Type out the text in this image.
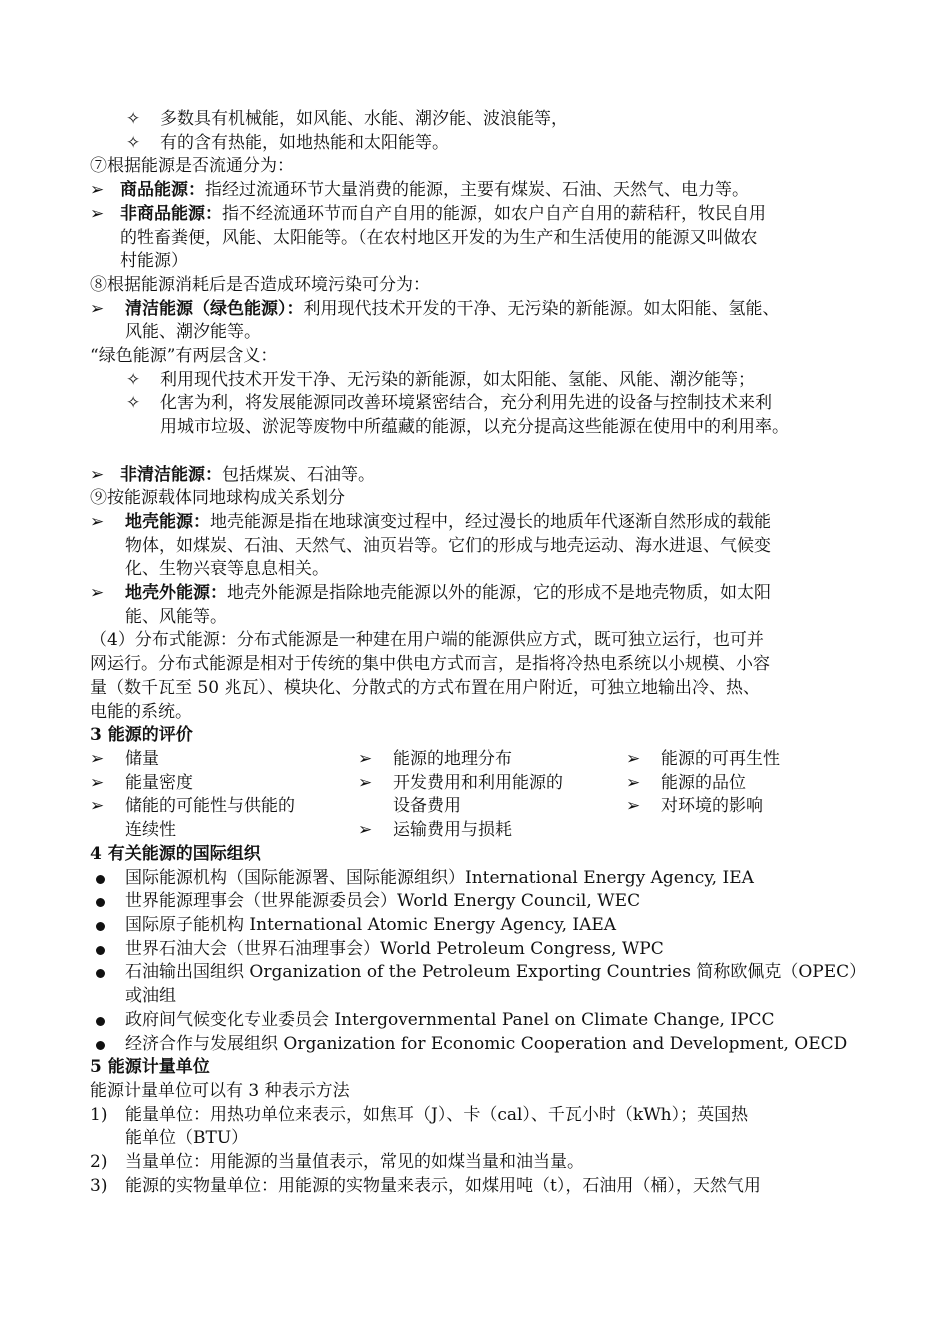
✧	多数具有机械能，如风能、水能、潮汐能、波浪能等，
✧	有的含有热能，如地热能和太阳能等。
⑦根据能源是否流通分为：
➢ 商品能源：指经过流通环节大量消费的能源，主要有煤炭、石油、天然气、电力等。
➢ 非商品能源：指不经流通环节而自产自用的能源，如农户自产自用的薪秸秆，牧民自用
的牲畜粪便，风能、太阳能等。（在农村地区开发的为生产和生活使用的能源又叫做农
村能源）
⑧根据能源消耗后是否造成环境污染可分为：
➢	清洁能源（绿色能源）：利用现代技术开发的干净、无污染的新能源。如太阳能、氢能、
风能、潮汐能等。
“绿色能源”有两层含义：
✧	利用现代技术开发干净、无污染的新能源，如太阳能、氢能、风能、潮汐能等；
✧	化害为利，将发展能源同改善环境紧密结合，充分利用先进的设备与控制技术来利
用城市垃圾、淤泥等废物中所蕴藏的能源，以充分提高这些能源在使用中的利用率。
➢ 非清洁能源：包括煤炭、石油等。
⑨按能源载体同地球构成关系划分
➢	地壳能源：地壳能源是指在地球演变过程中，经过漫长的地质年代逐渐自然形成的载能
物体，如煤炭、石油、天然气、油页岩等。它们的形成与地壳运动、海水进退、气候变
化、生物兴衰等息息相关。
➢	地壳外能源：地壳外能源是指除地壳能源以外的能源，它的形成不是地壳物质，如太阳
能、风能等。
（4）分布式能源：分布式能源是一种建在用户端的能源供应方式，既可独立运行，也可并
网运行。分布式能源是相对于传统的集中供电方式而言，是指将冷热电系统以小规模、小容
量（数千瓦至 50 兆瓦）、模块化、分散式的方式布置在用户附近，可独立地输出冷、热、
电能的系统。
3 能源的评价
➢	储量
➢	能量密度
➢	储能的可能性与供能的
连续性
➢	能源的地理分布
➢	开发费用和利用能源的
设备费用
➢	运输费用与损耗
➢	能源的可再生性
➢	能源的品位
➢	对环境的影响
4 有关能源的国际组织
国际能源机构（国际能源署、国际能源组织）International Energy Agency, IEA
世界能源理事会（世界能源委员会）World Energy Council, WEC
国际原子能机构 International Atomic Energy Agency, IAEA
世界石油大会（世界石油理事会）World Petroleum Congress, WPC
石油输出国组织 Organization of the Petroleum Exporting Countries 简称欧佩克（OPEC）
或油组
政府间气候变化专业委员会 Intergovernmental Panel on Climate Change, IPCC
经济合作与发展组织 Organization for Economic Cooperation and Development, OECD
5 能源计量单位
能源计量单位可以有 3 种表示方法
1)	能量单位：用热功单位来表示，如焦耳（J）、卡（cal）、千瓦小时（kWh）；英国热
能单位（BTU）
2)	当量单位：用能源的当量值表示，常见的如煤当量和油当量。
3)	能源的实物量单位：用能源的实物量来表示，如煤用吨（t），石油用（桶），天然气用
